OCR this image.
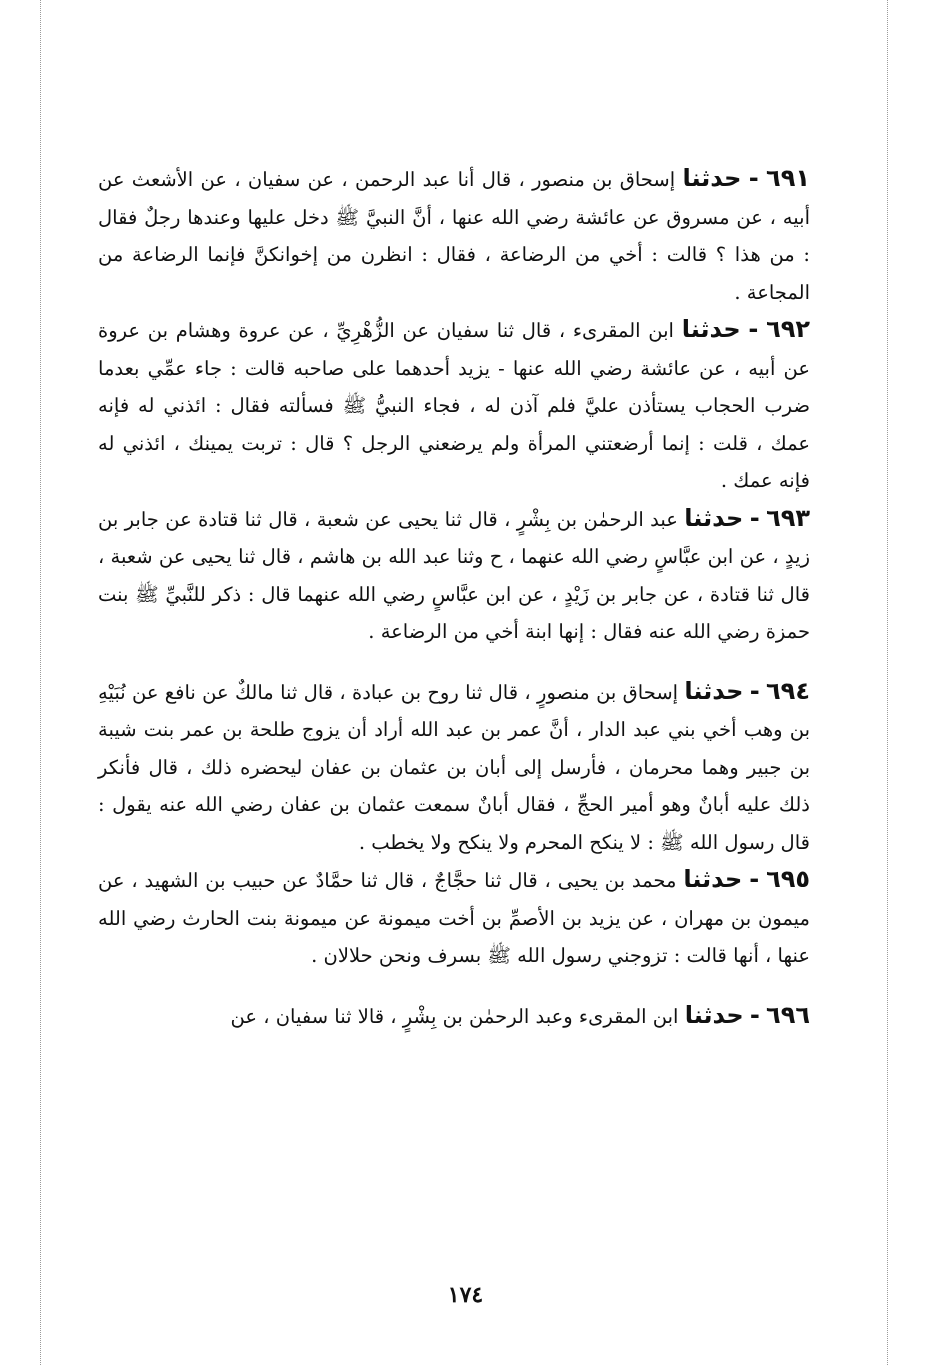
٦٩١ - حدثنا إسحاق بن منصور ، قال أنا عبد الرحمن ، عن سفيان ، عن الأشعث عن أبيه ، عن مسروق عن عائشة رضي الله عنها ، أنَّ النبيَّ ﷺ دخل عليها وعندها رجلٌ فقال : من هذا ؟ قالت : أخي من الرضاعة ، فقال : انظرن من إخوانكنَّ فإنما الرضاعة من المجاعة .

٦٩٢ - حدثنا ابن المقرىء ، قال ثنا سفيان عن الزُّهْرِيِّ ، عن عروة وهشام بن عروة عن أبيه ، عن عائشة رضي الله عنها - يزيد أحدهما على صاحبه قالت : جاء عمِّي بعدما ضرب الحجاب يستأذن عليَّ فلم آذن له ، فجاء النبيُّ ﷺ فسألته فقال : ائذني له فإنه عمك ، قلت : إنما أرضعتني المرأة ولم يرضعني الرجل ؟ قال : تربت يمينك ، ائذني له فإنه عمك .

٦٩٣ - حدثنا عبد الرحمٰن بن بِشْرٍ ، قال ثنا يحيى عن شعبة ، قال ثنا قتادة عن جابر بن زيدٍ ، عن ابن عبَّاسٍ رضي الله عنهما ، ح وثنا عبد الله بن هاشم ، قال ثنا يحيى عن شعبة ، قال ثنا قتادة ، عن جابر بن زَيْدٍ ، عن ابن عبَّاسٍ رضي الله عنهما قال : ذكر للنَّبيِّ ﷺ بنت حمزة رضي الله عنه فقال : إنها ابنة أخي من الرضاعة .

٦٩٤ - حدثنا إسحاق بن منصورٍ ، قال ثنا روح بن عبادة ، قال ثنا مالكٌ عن نافع عن نُبَيْهِ بن وهب أخي بني عبد الدار ، أنَّ عمر بن عبد الله أراد أن يزوج طلحة بن عمر بنت شيبة بن جبير وهما محرمان ، فأرسل إلى أبان بن عثمان بن عفان ليحضره ذلك ، قال فأنكر ذلك عليه أبانٌ وهو أمير الحجِّ ، فقال أبانٌ سمعت عثمان بن عفان رضي الله عنه يقول : قال رسول الله ﷺ : لا ينكح المحرم ولا ينكح ولا يخطب .

٦٩٥ - حدثنا محمد بن يحيى ، قال ثنا حجَّاجٌ ، قال ثنا حمَّادٌ عن حبيب بن الشهيد ، عن ميمون بن مهران ، عن يزيد بن الأصمِّ بن أخت ميمونة عن ميمونة بنت الحارث رضي الله عنها ، أنها قالت : تزوجني رسول الله ﷺ بسرف ونحن حلالان .

٦٩٦ - حدثنا ابن المقرىء وعبد الرحمٰن بن بِشْرٍ ، قالا ثنا سفيان ، عن

١٧٤
